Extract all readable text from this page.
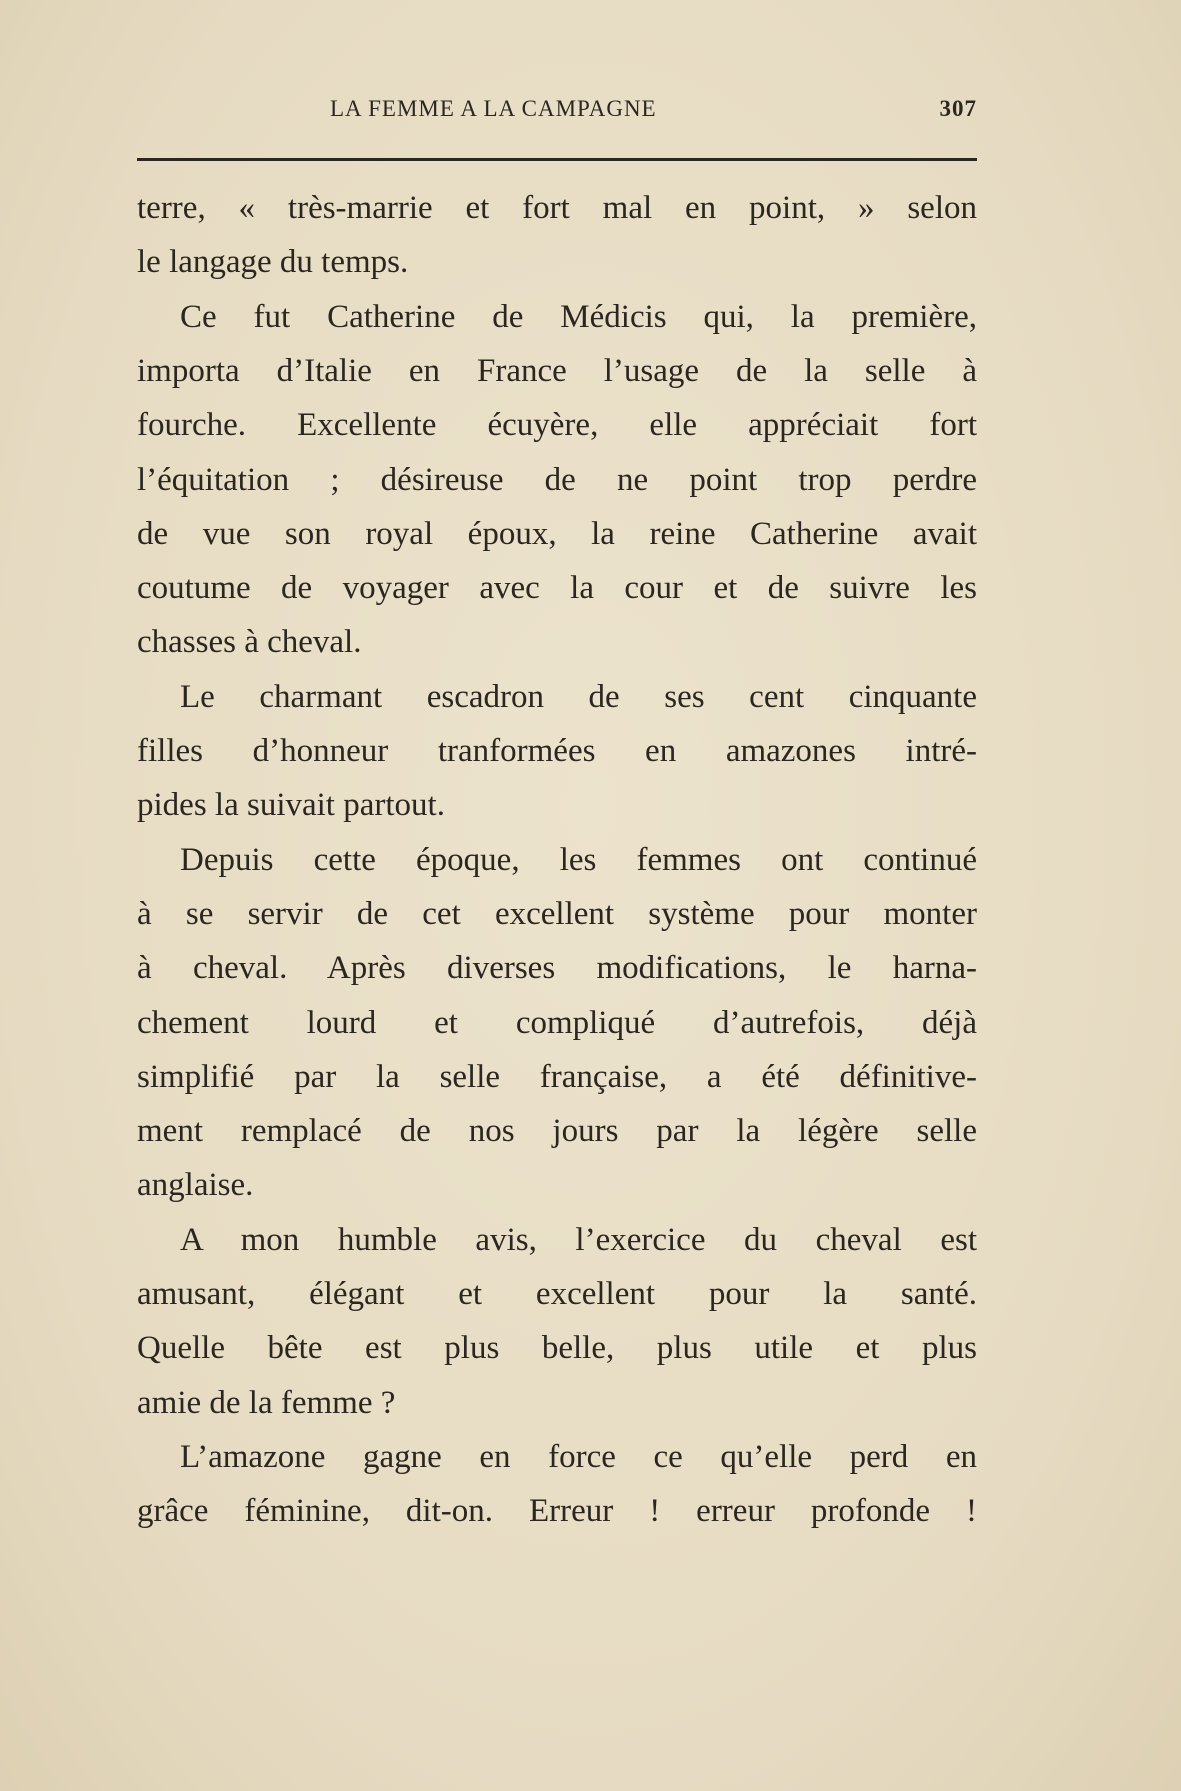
LA FEMME A LA CAMPAGNE	307
terre, « très-marrie et fort mal en point, » selon
le langage du temps.
Ce fut Catherine de Médicis qui, la première,
importa d’Italie en France l’usage de la selle à
fourche. Excellente écuyère, elle appréciait fort
l’équitation ; désireuse de ne point trop perdre
de vue son royal époux, la reine Catherine avait
coutume de voyager avec la cour et de suivre les
chasses à cheval.
Le charmant escadron de ses cent cinquante
filles d’honneur tranformées en amazones intré-
pides la suivait partout.
Depuis cette époque, les femmes ont continué
à se servir de cet excellent système pour monter
à cheval. Après diverses modifications, le harna-
chement lourd et compliqué d’autrefois, déjà
simplifié par la selle française, a été définitive-
ment remplacé de nos jours par la légère selle
anglaise.
A mon humble avis, l’exercice du cheval est
amusant, élégant et excellent pour la santé.
Quelle bête est plus belle, plus utile et plus
amie de la femme ?
L’amazone gagne en force ce qu’elle perd en
grâce féminine, dit-on. Erreur ! erreur profonde !
